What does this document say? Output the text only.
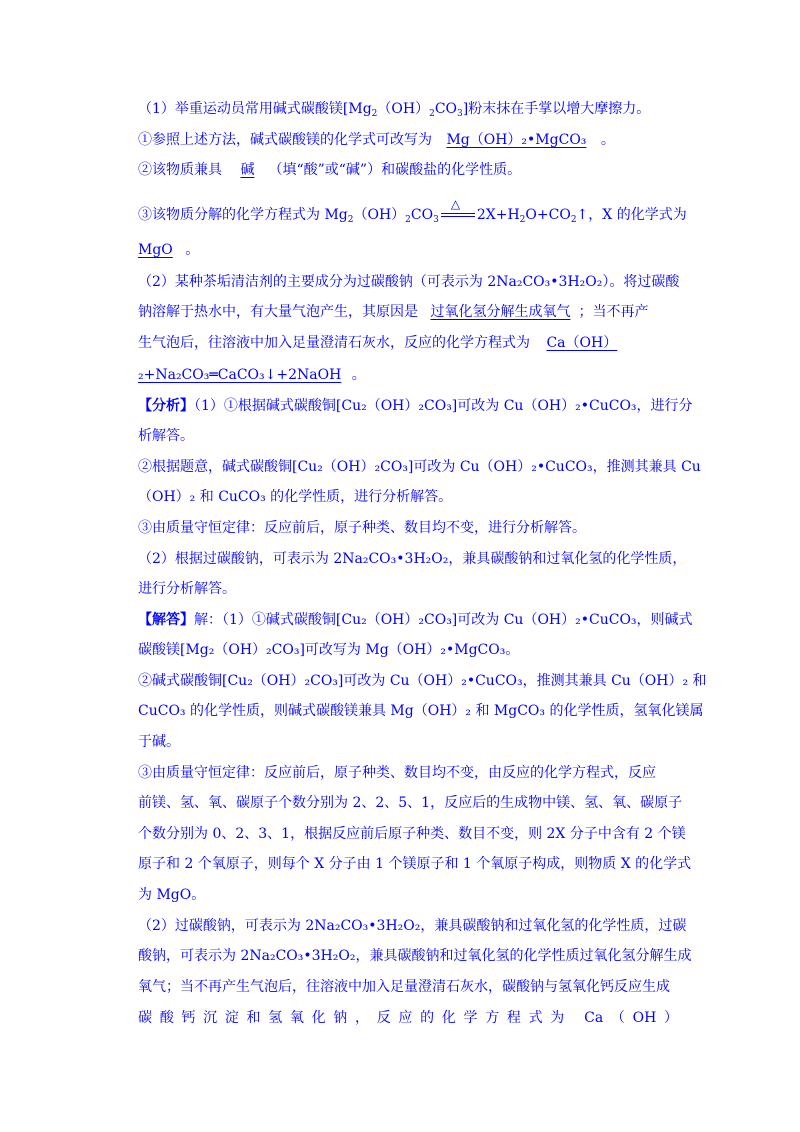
（1）举重运动员常用碱式碳酸镁$[Mg_2(OH)_2CO_3]$粉末抹在手掌以增大摩擦力。
①参照上述方法，碱式碳酸镁的化学式可改写为 Mg（OH）₂•MgCO₃ 。
②该物质兼具 碱 （填“酸”或“碱”）和碳酸盐的化学性质。
③该物质分解的化学方程式为 $Mg_2(OH)_2CO_3$
△
$2X+H_2O+CO_2↑$，X 的化学式为
MgO 。
（2）某种茶垢清洁剂的主要成分为过碳酸钠（可表示为 2Na₂CO₃•3H₂O₂）。将过碳酸
钠溶解于热水中，有大量气泡产生，其原因是 过氧化氢分解生成氧气 ；当不再产
生气泡后，往溶液中加入足量澄清石灰水，反应的化学方程式为 Ca（OH）
₂+Na₂CO₃═CaCO₃↓+2NaOH 。
【分析】（1）①根据碱式碳酸铜[Cu₂（OH）₂CO₃]可改为 Cu（OH）₂•CuCO₃，进行分
析解答。
②根据题意，碱式碳酸铜[Cu₂（OH）₂CO₃]可改为 Cu（OH）₂•CuCO₃，推测其兼具 Cu
（OH）₂ 和 CuCO₃ 的化学性质，进行分析解答。
③由质量守恒定律：反应前后，原子种类、数目均不变，进行分析解答。
（2）根据过碳酸钠，可表示为 2Na₂CO₃•3H₂O₂，兼具碳酸钠和过氧化氢的化学性质，
进行分析解答。
【解答】解：（1）①碱式碳酸铜[Cu₂（OH）₂CO₃]可改为 Cu（OH）₂•CuCO₃，则碱式
碳酸镁[Mg₂（OH）₂CO₃]可改写为 Mg（OH）₂•MgCO₃。
②碱式碳酸铜[Cu₂（OH）₂CO₃]可改为 Cu（OH）₂•CuCO₃，推测其兼具 Cu（OH）₂ 和
CuCO₃ 的化学性质，则碱式碳酸镁兼具 Mg（OH）₂ 和 MgCO₃ 的化学性质，氢氧化镁属
于碱。
③由质量守恒定律：反应前后，原子种类、数目均不变，由反应的化学方程式，反应
前镁、氢、氧、碳原子个数分别为 2、2、5、1，反应后的生成物中镁、氢、氧、碳原子
个数分别为 0、2、3、1，根据反应前后原子种类、数目不变，则 2X 分子中含有 2 个镁
原子和 2 个氧原子，则每个 X 分子由 1 个镁原子和 1 个氧原子构成，则物质 X 的化学式
为 MgO。
（2）过碳酸钠，可表示为 2Na₂CO₃•3H₂O₂，兼具碳酸钠和过氧化氢的化学性质，过碳
酸钠，可表示为 2Na₂CO₃•3H₂O₂，兼具碳酸钠和过氧化氢的化学性质过氧化氢分解生成
氧气；当不再产生气泡后，往溶液中加入足量澄清石灰水，碳酸钠与氢氧化钙反应生成
碳酸钙沉淀和氢氧化钠，反应的化学方程式为 Ca（OH）
